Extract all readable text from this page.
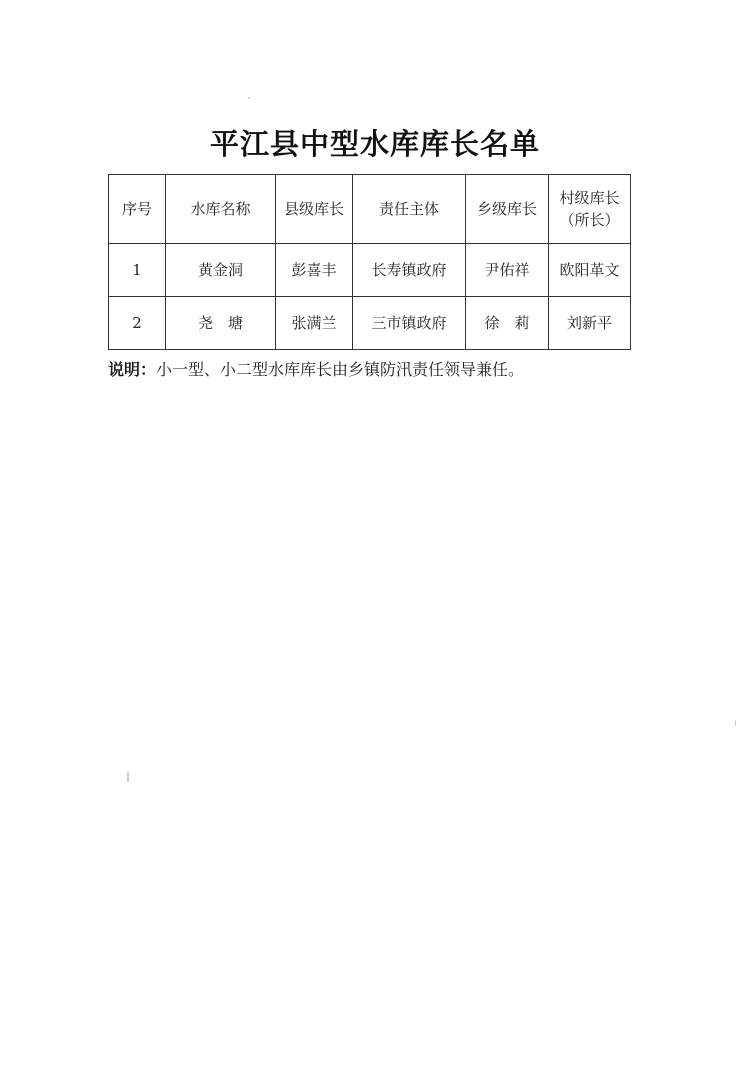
平江县中型水库库长名单
序号	水库名称	县级库长	责任主体	乡级库长	村级库长
（所长）
1	黄金洞	彭喜丰	长寿镇政府	尹佑祥	欧阳革文
2	尧　塘	张满兰	三市镇政府	徐　莉	刘新平
说明：小一型、小二型水库库长由乡镇防汛责任领导兼任。
